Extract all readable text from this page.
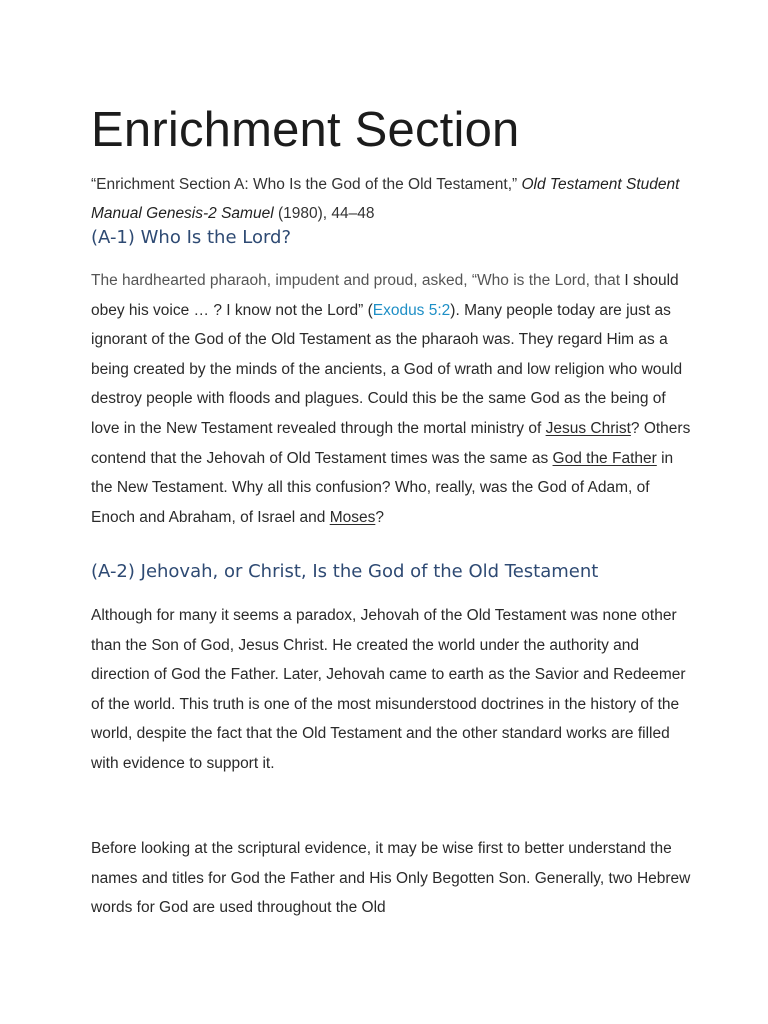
Enrichment Section

“Enrichment Section A: Who Is the God of the Old Testament,” Old Testament Student Manual Genesis-2 Samuel (1980), 44–48

(A-1) Who Is the Lord?

The hardhearted pharaoh, impudent and proud, asked, “Who is the Lord, that I should obey his voice … ? I know not the Lord” (Exodus 5:2). Many people today are just as ignorant of the God of the Old Testament as the pharaoh was. They regard Him as a being created by the minds of the ancients, a God of wrath and low religion who would destroy people with floods and plagues. Could this be the same God as the being of love in the New Testament revealed through the mortal ministry of Jesus Christ? Others contend that the Jehovah of Old Testament times was the same as God the Father in the New Testament. Why all this confusion? Who, really, was the God of Adam, of Enoch and Abraham, of Israel and Moses?

(A-2) Jehovah, or Christ, Is the God of the Old Testament

Although for many it seems a paradox, Jehovah of the Old Testament was none other than the Son of God, Jesus Christ. He created the world under the authority and direction of God the Father. Later, Jehovah came to earth as the Savior and Redeemer of the world. This truth is one of the most misunderstood doctrines in the history of the world, despite the fact that the Old Testament and the other standard works are filled with evidence to support it.

Before looking at the scriptural evidence, it may be wise first to better understand the names and titles for God the Father and His Only Begotten Son. Generally, two Hebrew words for God are used throughout the Old
